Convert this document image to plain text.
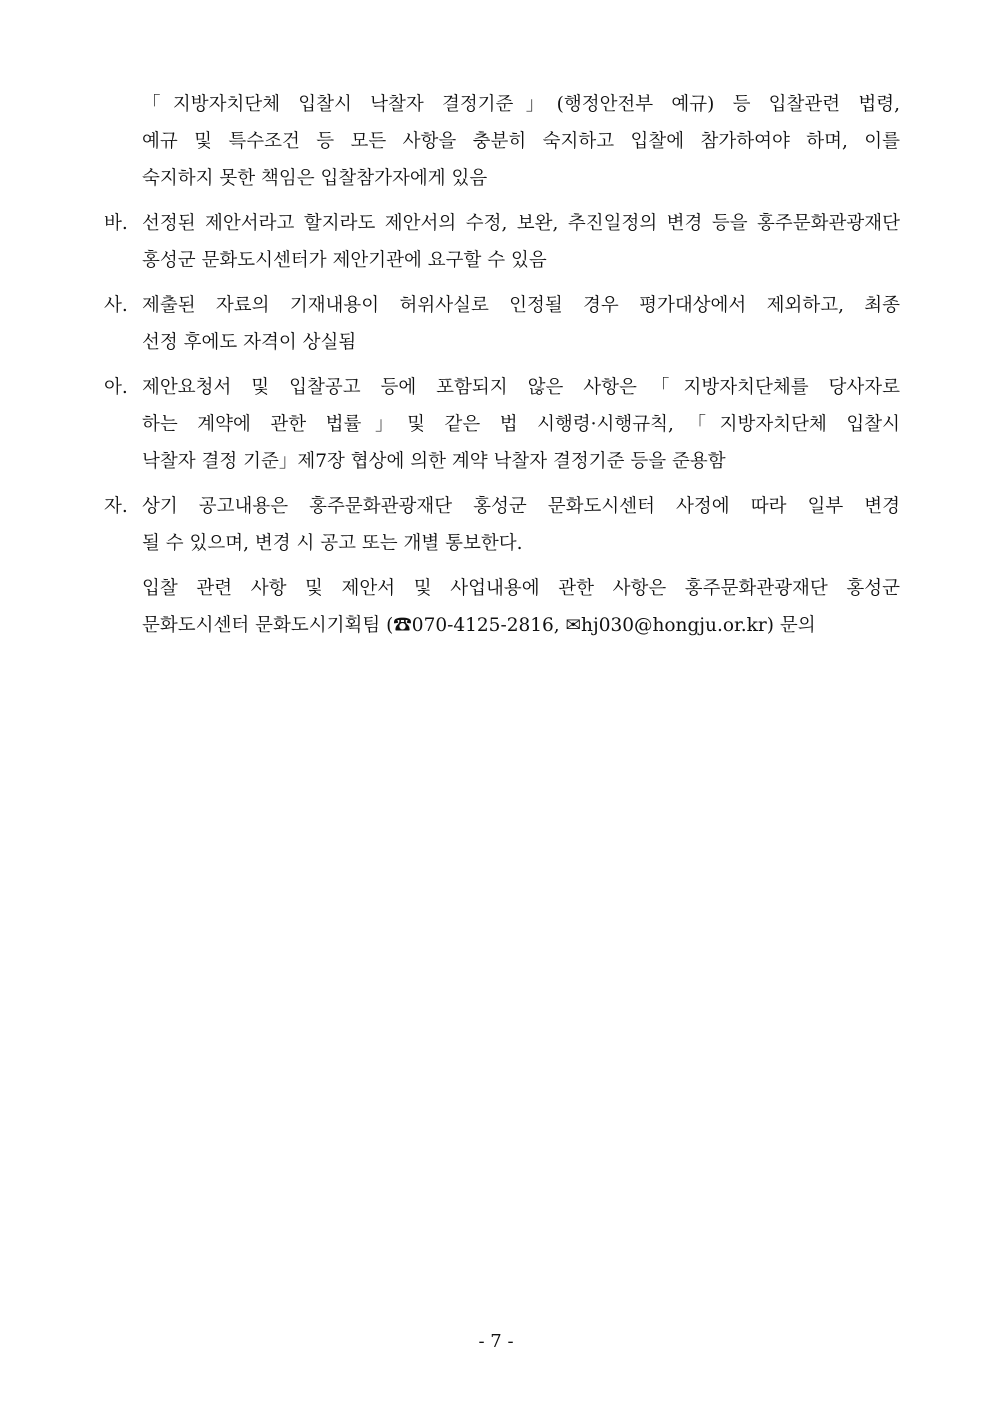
「지방자치단체 입찰시 낙찰자 결정기준」(행정안전부 예규) 등 입찰관련 법령,
예규 및 특수조건 등 모든 사항을 충분히 숙지하고 입찰에 참가하여야 하며, 이를
숙지하지 못한 책임은 입찰참가자에게 있음
바. 선정된 제안서라고 할지라도 제안서의 수정, 보완, 추진일정의 변경 등을 홍주문화관광재단
홍성군 문화도시센터가 제안기관에 요구할 수 있음
사. 제출된 자료의 기재내용이 허위사실로 인정될 경우 평가대상에서 제외하고, 최종
선정 후에도 자격이 상실됨
아. 제안요청서 및 입찰공고 등에 포함되지 않은 사항은「지방자치단체를 당사자로
하는 계약에 관한 법률」및 같은 법 시행령·시행규칙,「지방자치단체 입찰시
낙찰자 결정 기준」제7장 협상에 의한 계약 낙찰자 결정기준 등을 준용함
자. 상기 공고내용은 홍주문화관광재단 홍성군 문화도시센터 사정에 따라 일부 변경
될 수 있으며, 변경 시 공고 또는 개별 통보한다.
입찰 관련 사항 및 제안서 및 사업내용에 관한 사항은 홍주문화관광재단 홍성군
문화도시센터 문화도시기획팀 (☎070-4125-2816, ✉hj030@hongju.or.kr) 문의
- 7 -
